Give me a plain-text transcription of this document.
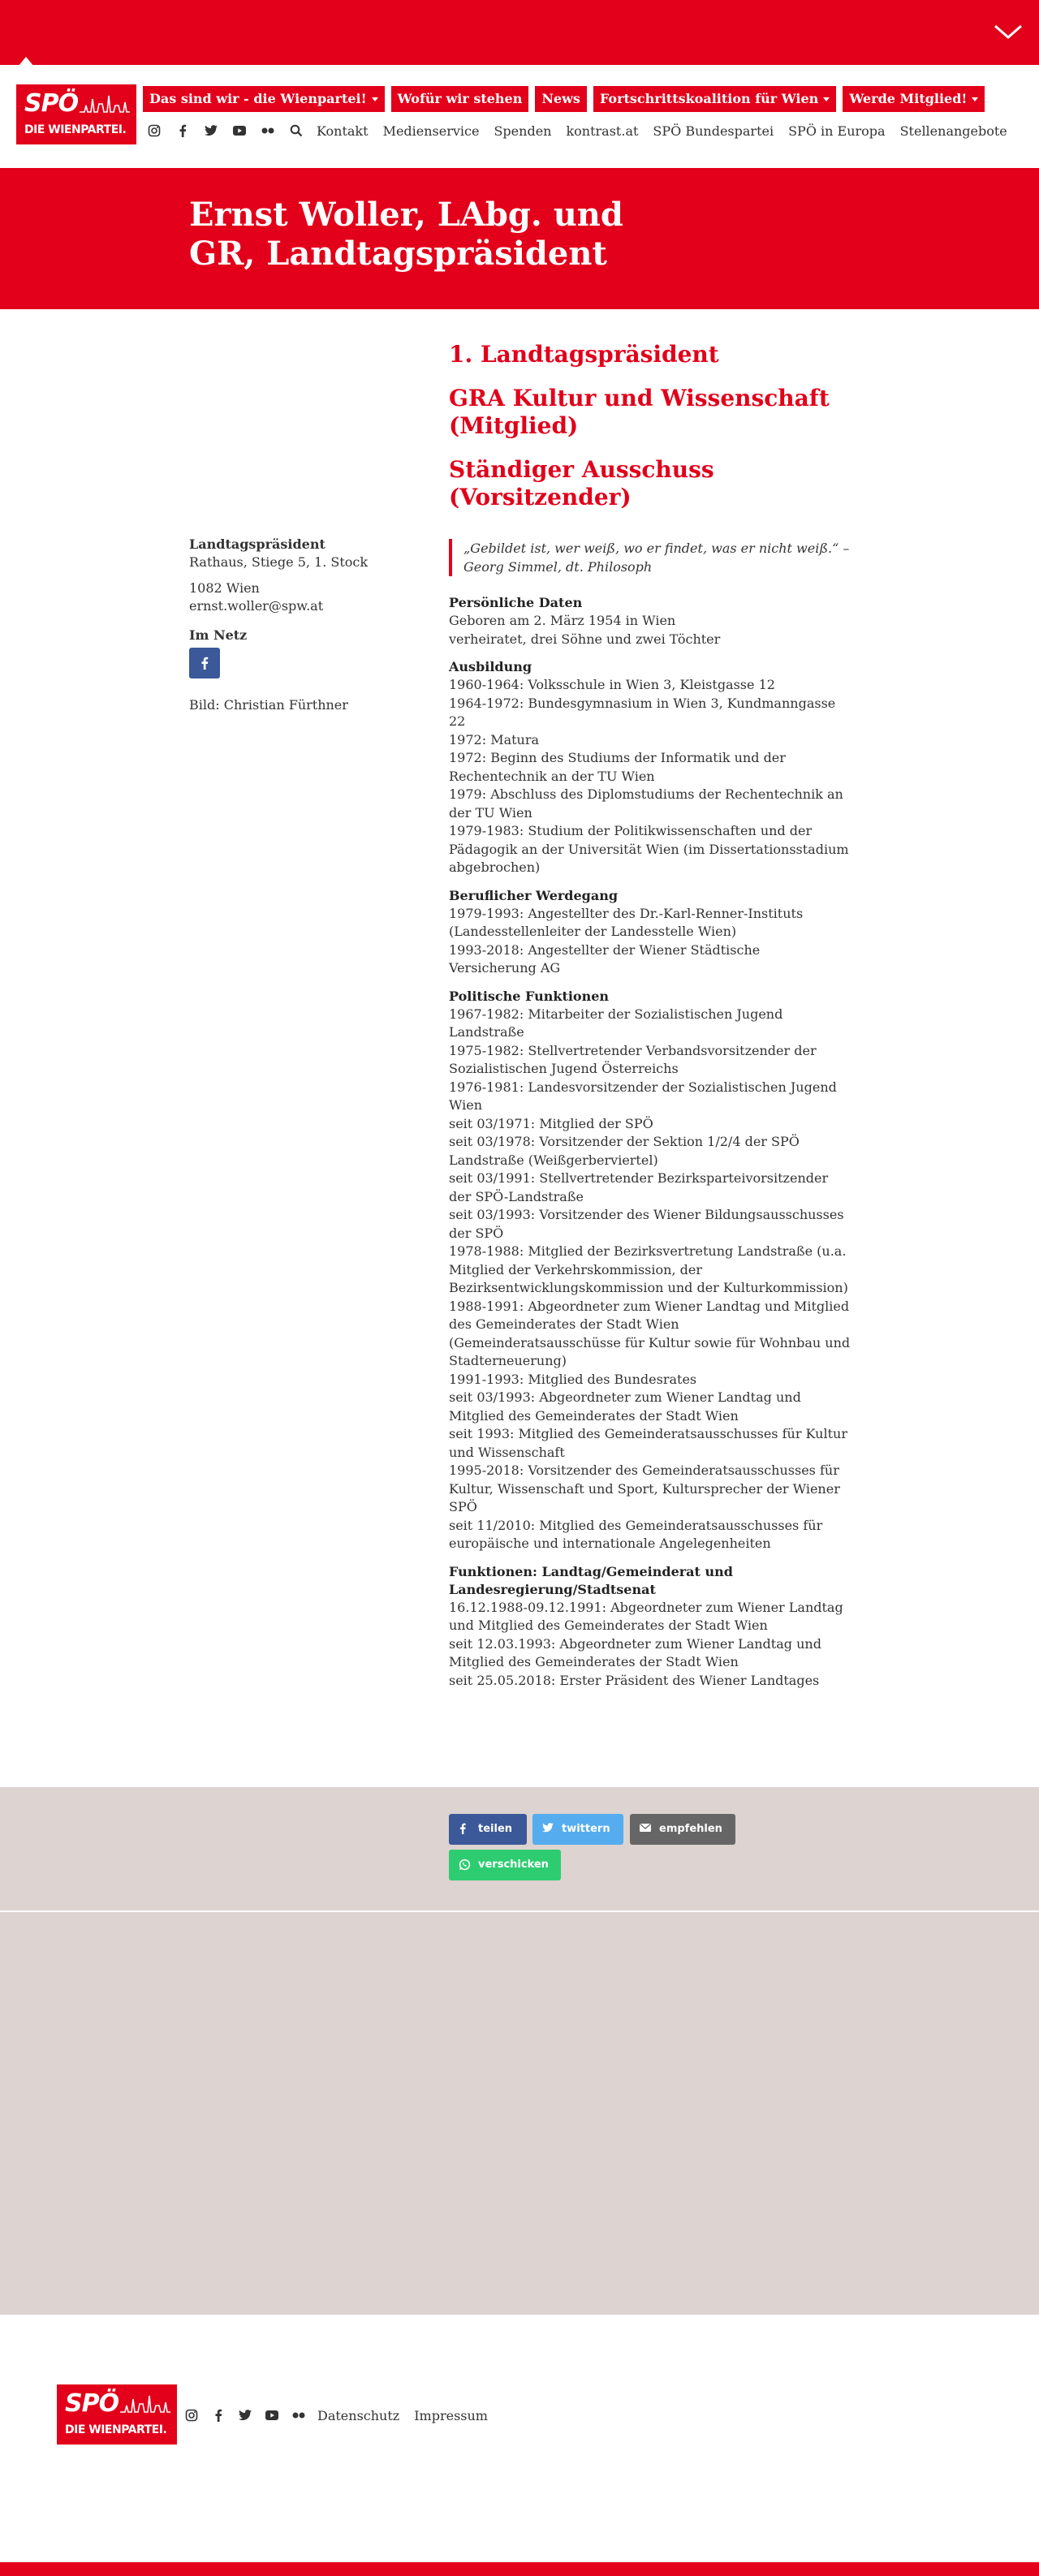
SPÖ
DIE WIENPARTEI.
Das sind wir - die Wienpartei!	Wofür wir stehen	News	Fortschrittskoalition für Wien	Werde Mitglied!
Kontakt Medienservice Spenden kontrast.at SPÖ Bundespartei SPÖ in Europa Stellenangebote
Ernst Woller, LAbg. und GR, Landtagspräsident
Landtagspräsident
Rathaus, Stiege 5, 1. Stock
1082 Wien
ernst.woller@spw.at
Im Netz
Bild: Christian Fürthner
1. Landtagspräsident
GRA Kultur und Wissenschaft (Mitglied)
Ständiger Ausschuss (Vorsitzender)
„Gebildet ist, wer weiß, wo er findet, was er nicht weiß.“ – Georg Simmel, dt. Philosoph
Persönliche Daten
Geboren am 2. März 1954 in Wien
verheiratet, drei Söhne und zwei Töchter
Ausbildung
1960-1964: Volksschule in Wien 3, Kleistgasse 12
1964-1972: Bundesgymnasium in Wien 3, Kundmanngasse 22
1972: Matura
1972: Beginn des Studiums der Informatik und der Rechentechnik an der TU Wien
1979: Abschluss des Diplomstudiums der Rechentechnik an der TU Wien
1979-1983: Studium der Politikwissenschaften und der Pädagogik an der Universität Wien (im Dissertationsstadium abgebrochen)
Beruflicher Werdegang
1979-1993: Angestellter des Dr.-Karl-Renner-Instituts (Landesstellenleiter der Landesstelle Wien)
1993-2018: Angestellter der Wiener Städtische Versicherung AG
Politische Funktionen
1967-1982: Mitarbeiter der Sozialistischen Jugend Landstraße
1975-1982: Stellvertretender Verbandsvorsitzender der Sozialistischen Jugend Österreichs
1976-1981: Landesvorsitzender der Sozialistischen Jugend Wien
seit 03/1971: Mitglied der SPÖ
seit 03/1978: Vorsitzender der Sektion 1/2/4 der SPÖ Landstraße (Weißgerberviertel)
seit 03/1991: Stellvertretender Bezirksparteivorsitzender der SPÖ-Landstraße
seit 03/1993: Vorsitzender des Wiener Bildungsausschusses der SPÖ
1978-1988: Mitglied der Bezirksvertretung Landstraße (u.a. Mitglied der Verkehrskommission, der Bezirksentwicklungskommission und der Kulturkommission)
1988-1991: Abgeordneter zum Wiener Landtag und Mitglied des Gemeinderates der Stadt Wien (Gemeinderatsausschüsse für Kultur sowie für Wohnbau und Stadterneuerung)
1991-1993: Mitglied des Bundesrates
seit 03/1993: Abgeordneter zum Wiener Landtag und Mitglied des Gemeinderates der Stadt Wien
seit 1993: Mitglied des Gemeinderatsausschusses für Kultur und Wissenschaft
1995-2018: Vorsitzender des Gemeinderatsausschusses für Kultur, Wissenschaft und Sport, Kultursprecher der Wiener SPÖ
seit 11/2010: Mitglied des Gemeinderatsausschusses für europäische und internationale Angelegenheiten
Funktionen: Landtag/Gemeinderat und Landesregierung/Stadtsenat
16.12.1988-09.12.1991: Abgeordneter zum Wiener Landtag und Mitglied des Gemeinderates der Stadt Wien
seit 12.03.1993: Abgeordneter zum Wiener Landtag und Mitglied des Gemeinderates der Stadt Wien
seit 25.05.2018: Erster Präsident des Wiener Landtages
teilen	twittern	empfehlen
verschicken
SPÖ
DIE WIENPARTEI.
Datenschutz Impressum
